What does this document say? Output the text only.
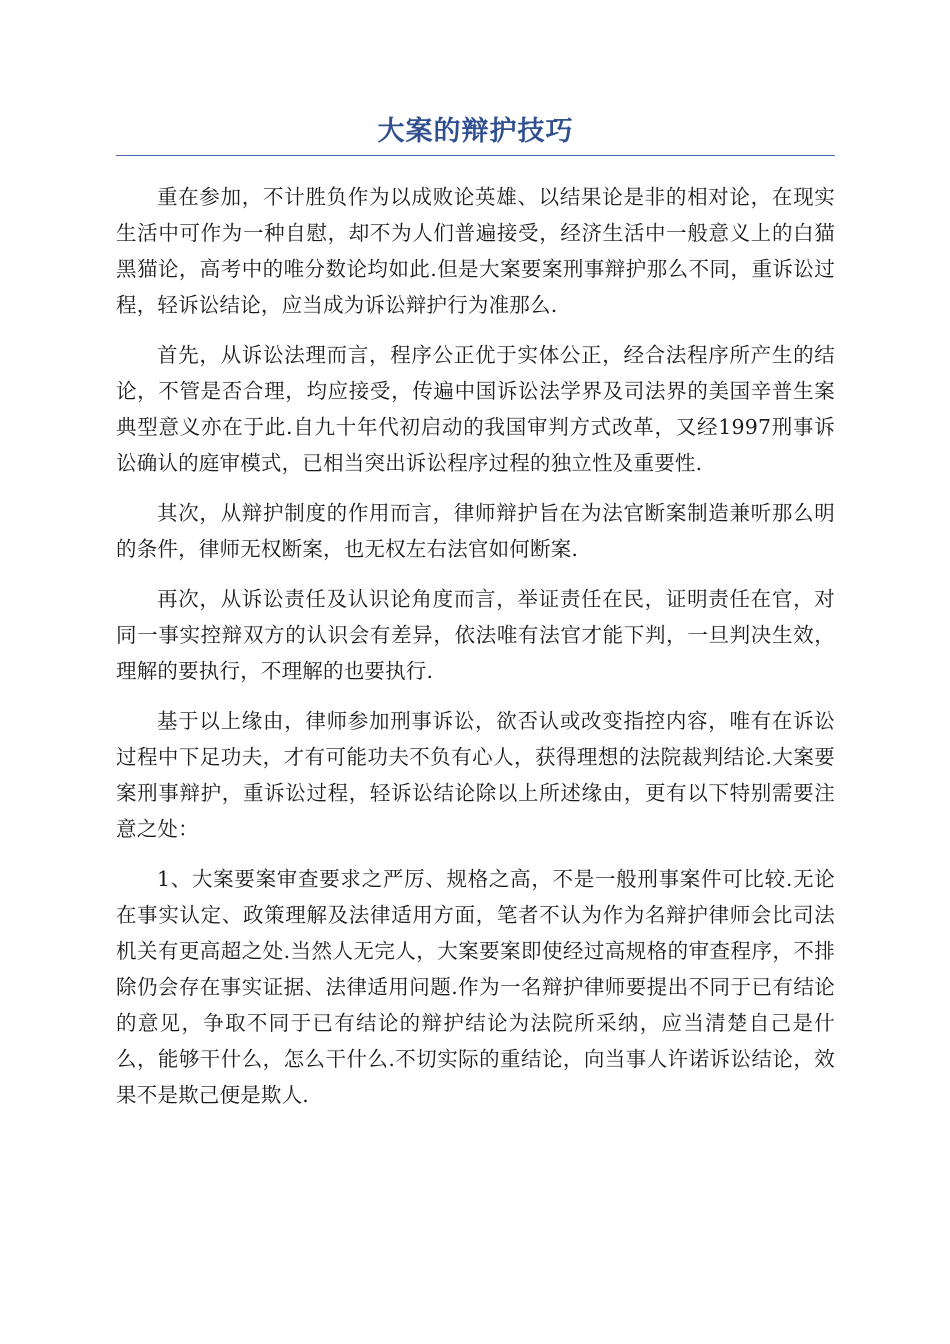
大案的辩护技巧

重在参加，不计胜负作为以成败论英雄、以结果论是非的相对论，在现实生活中可作为一种自慰，却不为人们普遍接受，经济生活中一般意义上的白猫黑猫论，高考中的唯分数论均如此.但是大案要案刑事辩护那么不同，重诉讼过程，轻诉讼结论，应当成为诉讼辩护行为准那么.

首先，从诉讼法理而言，程序公正优于实体公正，经合法程序所产生的结论，不管是否合理，均应接受，传遍中国诉讼法学界及司法界的美国辛普生案典型意义亦在于此.自九十年代初启动的我国审判方式改革，又经1997刑事诉讼确认的庭审模式，已相当突出诉讼程序过程的独立性及重要性.

其次，从辩护制度的作用而言，律师辩护旨在为法官断案制造兼听那么明的条件，律师无权断案，也无权左右法官如何断案.

再次，从诉讼责任及认识论角度而言，举证责任在民，证明责任在官，对同一事实控辩双方的认识会有差异，依法唯有法官才能下判，一旦判决生效，理解的要执行，不理解的也要执行.

基于以上缘由，律师参加刑事诉讼，欲否认或改变指控内容，唯有在诉讼过程中下足功夫，才有可能功夫不负有心人，获得理想的法院裁判结论.大案要案刑事辩护，重诉讼过程，轻诉讼结论除以上所述缘由，更有以下特别需要注意之处：

1、大案要案审查要求之严厉、规格之高，不是一般刑事案件可比较.无论在事实认定、政策理解及法律适用方面，笔者不认为作为名辩护律师会比司法机关有更高超之处.当然人无完人，大案要案即使经过高规格的审查程序，不排除仍会存在事实证据、法律适用问题.作为一名辩护律师要提出不同于已有结论的意见，争取不同于已有结论的辩护结论为法院所采纳，应当清楚自己是什么，能够干什么，怎么干什么.不切实际的重结论，向当事人许诺诉讼结论，效果不是欺己便是欺人.
